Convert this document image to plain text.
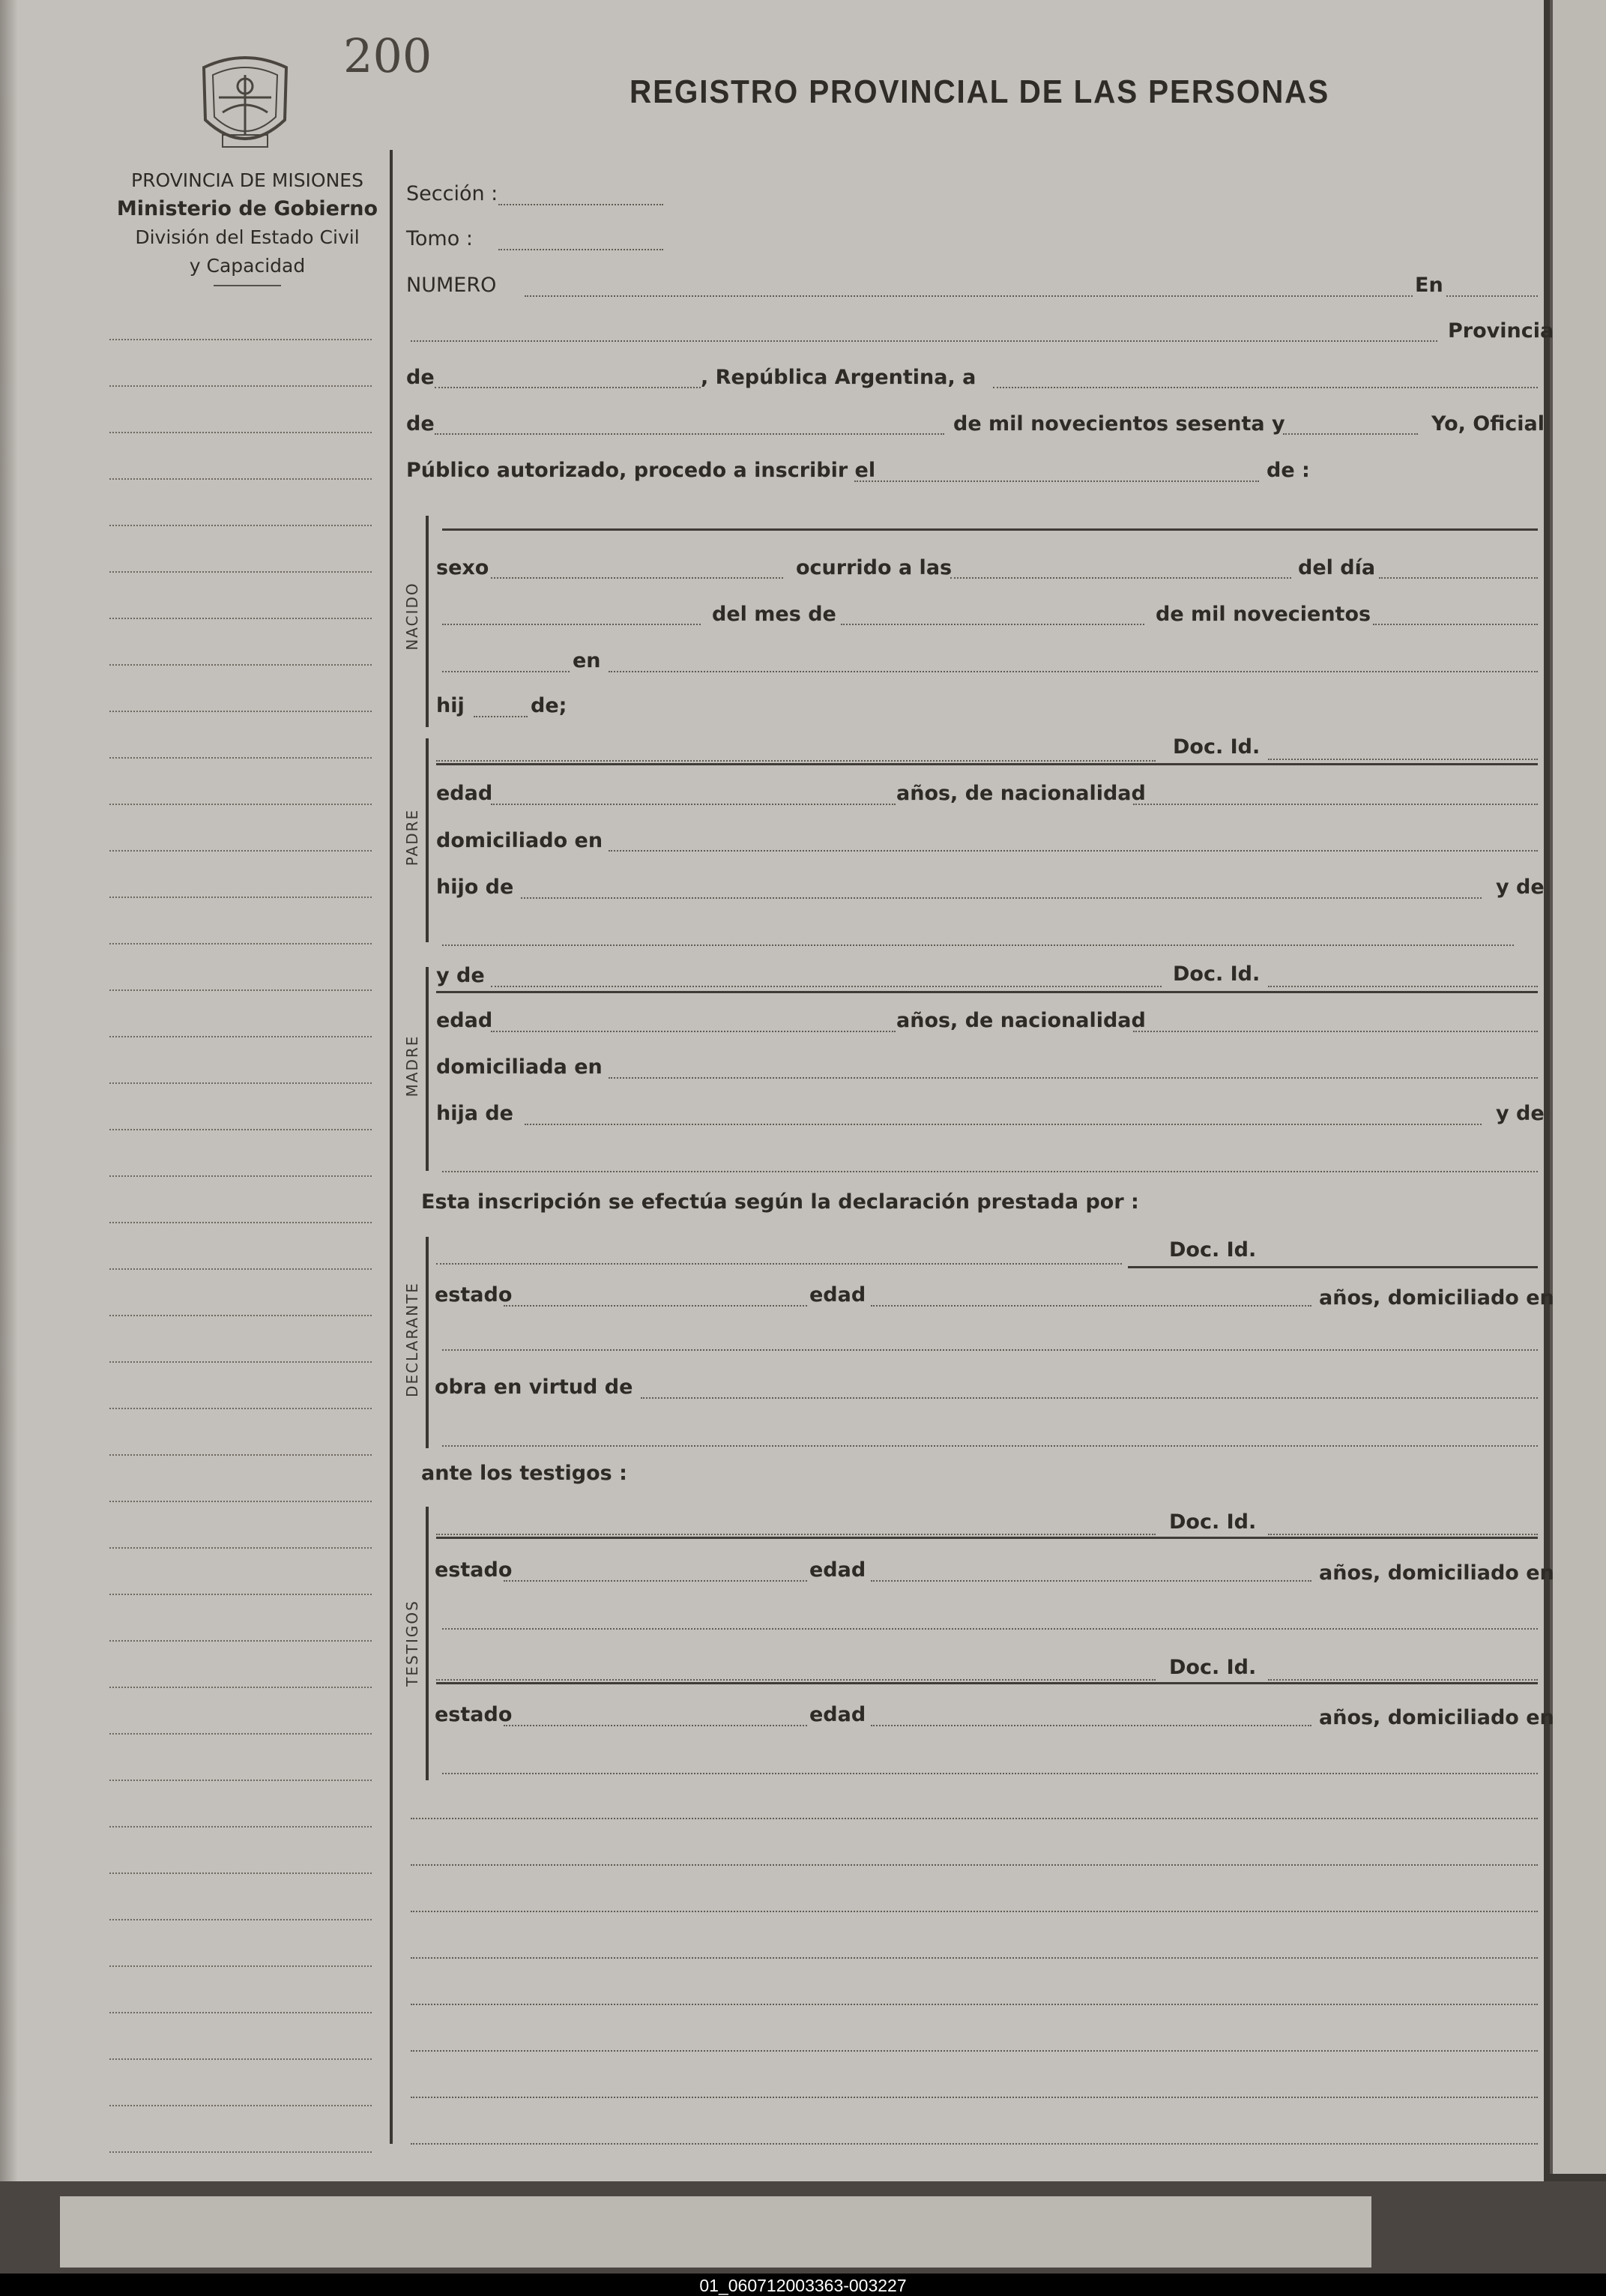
200
REGISTRO PROVINCIAL DE LAS PERSONAS
PROVINCIA DE MISIONES
Ministerio de Gobierno
División del Estado Civil
y Capacidad
Sección :
Tomo :
NUMERO	En
Provincia
de	, República Argentina, a
de	de mil novecientos sesenta y	Yo, Oficial
Público autorizado, procedo a inscribir el	de :
NACIDO
sexo	ocurrido a las	del día
del mes de	de mil novecientos
en
hij	de;
PADRE
Doc. Id.
edad	años, de nacionalidad
domiciliado en
hijo de	y de
MADRE
y de	Doc. Id.
edad	años, de nacionalidad
domiciliada en
hija de	y de
Esta inscripción se efectúa según la declaración prestada por :
DECLARANTE
Doc. Id.
estado	edad	años, domiciliado en
obra en virtud de
ante los testigos :
TESTIGOS
Doc. Id.
estado	edad	años, domiciliado en
Doc. Id.
estado	edad	años, domiciliado en
01_060712003363-003227
